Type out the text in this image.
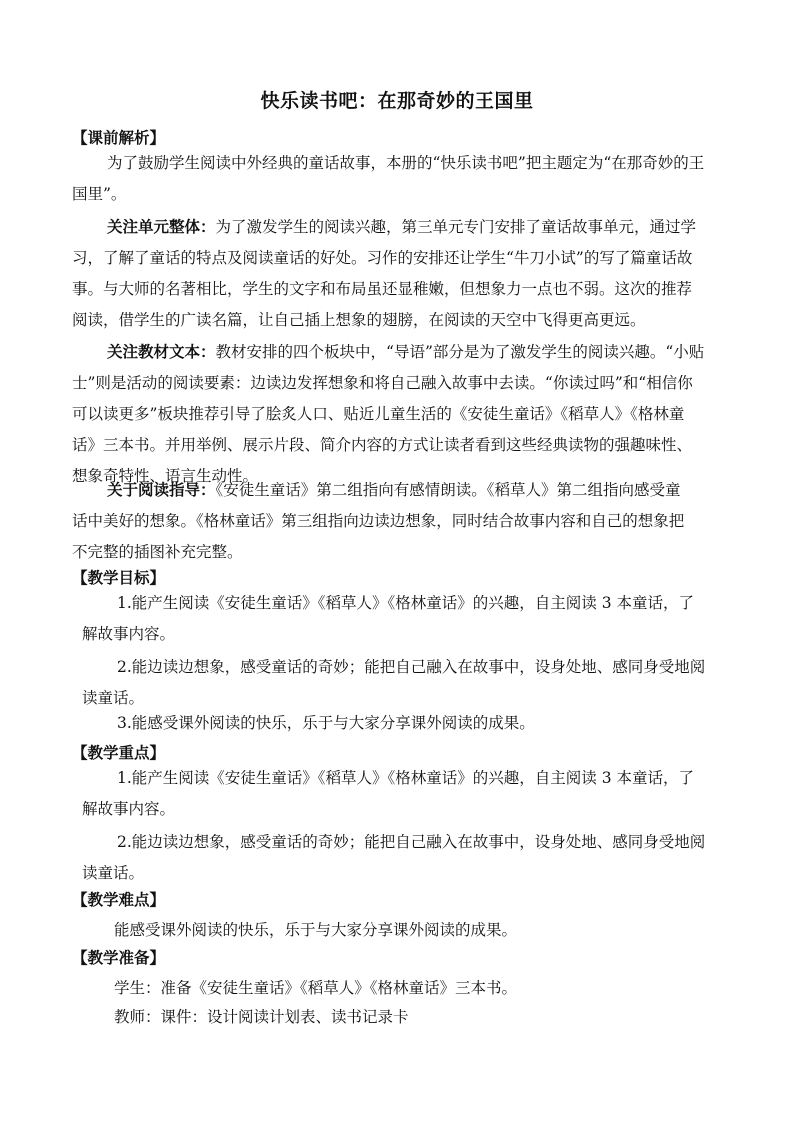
快乐读书吧：在那奇妙的王国里
【课前解析】

为了鼓励学生阅读中外经典的童话故事，本册的“快乐读书吧”把主题定为“在那奇妙的王

国里”。

关注单元整体：为了激发学生的阅读兴趣，第三单元专门安排了童话故事单元，通过学

习，了解了童话的特点及阅读童话的好处。习作的安排还让学生“牛刀小试”的写了篇童话故

事。与大师的名著相比，学生的文字和布局虽还显稚嫩，但想象力一点也不弱。这次的推荐

阅读，借学生的广读名篇，让自己插上想象的翅膀，在阅读的天空中飞得更高更远。

关注教材文本：教材安排的四个板块中，“导语”部分是为了激发学生的阅读兴趣。“小贴

士”则是活动的阅读要素：边读边发挥想象和将自己融入故事中去读。“你读过吗”和“相信你

可以读更多”板块推荐引导了脍炙人口、贴近儿童生活的《安徒生童话》《稻草人》《格林童

话》三本书。并用举例、展示片段、简介内容的方式让读者看到这些经典读物的强趣味性、

想象奇特性、语言生动性。

关于阅读指导：《安徒生童话》第二组指向有感情朗读。《稻草人》第二组指向感受童

话中美好的想象。《格林童话》第三组指向边读边想象，同时结合故事内容和自己的想象把

不完整的插图补充完整。

【教学目标】

1.能产生阅读《安徒生童话》《稻草人》《格林童话》的兴趣，自主阅读 3 本童话，了

解故事内容。

2.能边读边想象，感受童话的奇妙；能把自己融入在故事中，设身处地、感同身受地阅

读童话。

3.能感受课外阅读的快乐，乐于与大家分享课外阅读的成果。
【教学重点】

1.能产生阅读《安徒生童话》《稻草人》《格林童话》的兴趣，自主阅读 3 本童话，了

解故事内容。

2.能边读边想象，感受童话的奇妙；能把自己融入在故事中，设身处地、感同身受地阅

读童话。

【教学难点】
能感受课外阅读的快乐，乐于与大家分享课外阅读的成果。
【教学准备】
学生：准备《安徒生童话》《稻草人》《格林童话》三本书。
教师：课件：设计阅读计划表、读书记录卡
